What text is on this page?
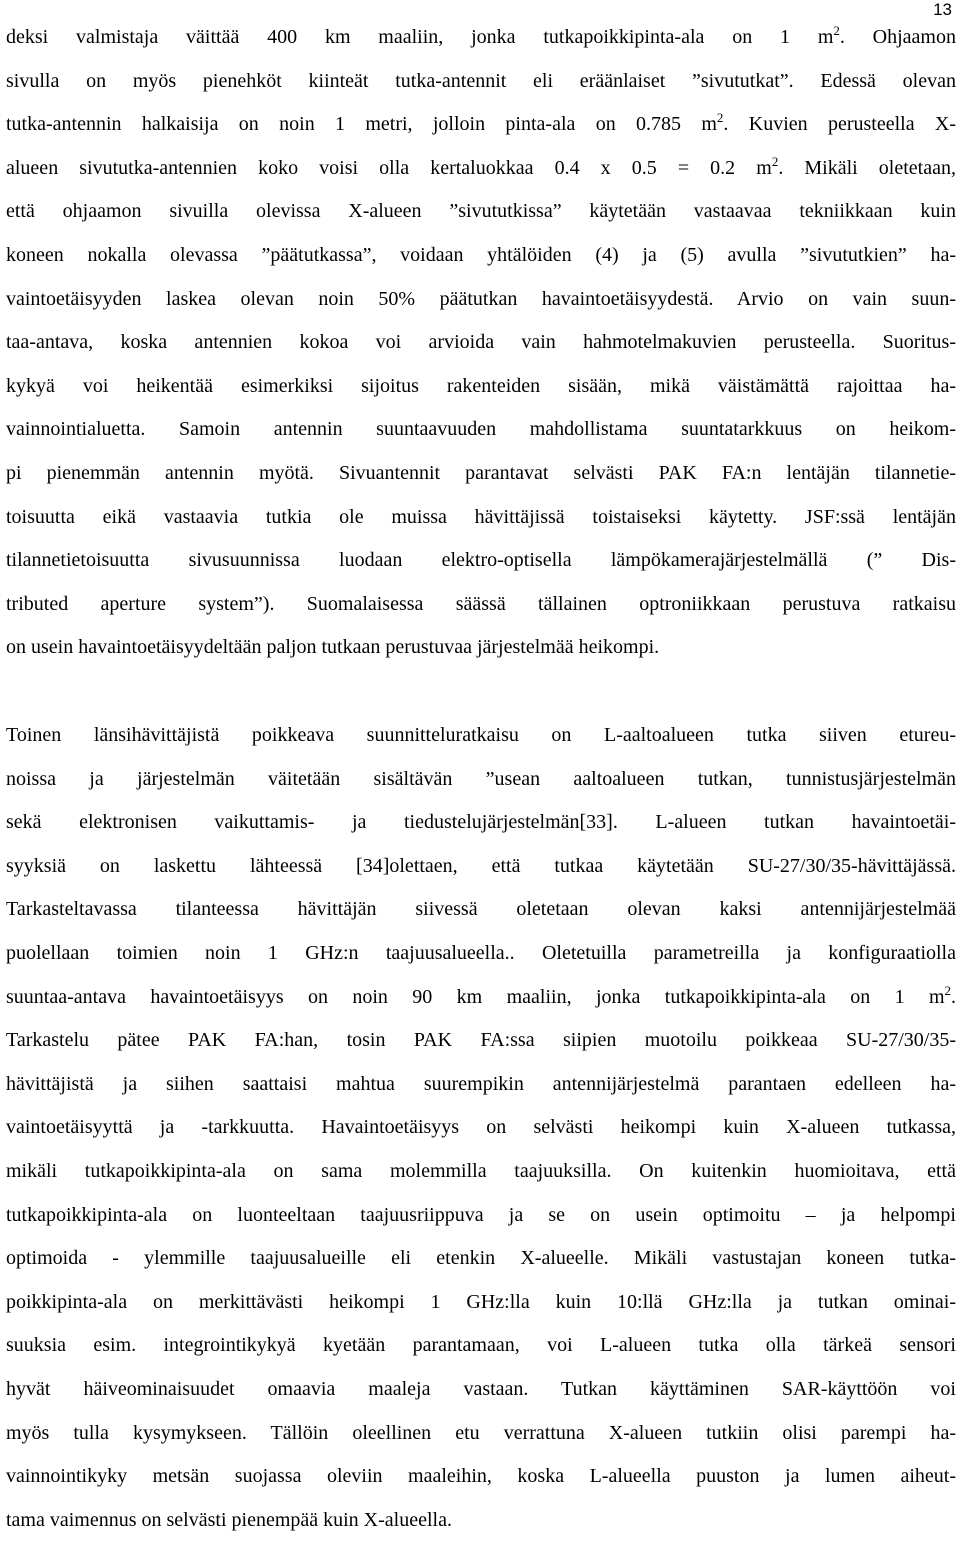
13
deksi valmistaja väittää 400 km maaliin, jonka tutkapoikkipinta-ala on 1 $m^2$. Ohjaamon
sivulla on myös pienehköt kiinteät tutka-antennit eli eräänlaiset ”sivututkat”. Edessä olevan
tutka-antennin halkaisija on noin 1 metri, jolloin pinta-ala on 0.785 $m^2$. Kuvien perusteella X-
alueen sivututka-antennien koko voisi olla kertaluokkaa 0.4 x 0.5 = 0.2 $m^2$. Mikäli oletetaan,
että ohjaamon sivuilla olevissa X-alueen ”sivututkissa” käytetään vastaavaa tekniikkaan kuin
koneen nokalla olevassa ”päätutkassa”, voidaan yhtälöiden (4) ja (5) avulla ”sivututkien” ha-
vaintoetäisyyden laskea olevan noin 50% päätutkan havaintoetäisyydestä. Arvio on vain suun-
taa-antava, koska antennien kokoa voi arvioida vain hahmotelmakuvien perusteella. Suoritus-
kykyä voi heikentää esimerkiksi sijoitus rakenteiden sisään, mikä väistämättä rajoittaa ha-
vainnointialuetta. Samoin antennin suuntaavuuden mahdollistama suuntatarkkuus on heikom-
pi pienemmän antennin myötä. Sivuantennit parantavat selvästi PAK FA:n lentäjän tilannetie-
toisuutta eikä vastaavia tutkia ole muissa hävittäjissä toistaiseksi käytetty. JSF:ssä lentäjän
tilannetietoisuutta sivusuunnissa luodaan elektro-optisella lämpökamerajärjestelmällä (” Dis-
tributed aperture system”). Suomalaisessa säässä tällainen optroniikkaan perustuva ratkaisu
on usein havaintoetäisyydeltään paljon tutkaan perustuvaa järjestelmää heikompi.
Toinen länsihävittäjistä poikkeava suunnitteluratkaisu on L-aaltoalueen tutka siiven etureu-
noissa ja järjestelmän väitetään sisältävän ”usean aaltoalueen tutkan, tunnistusjärjestelmän
sekä elektronisen vaikuttamis- ja tiedustelujärjestelmän[33]. L-alueen tutkan havaintoetäi-
syyksiä on laskettu lähteessä [34]olettaen, että tutkaa käytetään SU-27/30/35-hävittäjässä.
Tarkasteltavassa tilanteessa hävittäjän siivessä oletetaan olevan kaksi antennijärjestelmää
puolellaan toimien noin 1 GHz:n taajuusalueella.. Oletetuilla parametreilla ja konfiguraatiolla
suuntaa-antava havaintoetäisyys on noin 90 km maaliin, jonka tutkapoikkipinta-ala on 1 $m^2$.
Tarkastelu pätee PAK FA:han, tosin PAK FA:ssa siipien muotoilu poikkeaa SU-27/30/35-
hävittäjistä ja siihen saattaisi mahtua suurempikin antennijärjestelmä parantaen edelleen ha-
vaintoetäisyyttä ja -tarkkuutta. Havaintoetäisyys on selvästi heikompi kuin X-alueen tutkassa,
mikäli tutkapoikkipinta-ala on sama molemmilla taajuuksilla. On kuitenkin huomioitava, että
tutkapoikkipinta-ala on luonteeltaan taajuusriippuva ja se on usein optimoitu – ja helpompi
optimoida - ylemmille taajuusalueille eli etenkin X-alueelle. Mikäli vastustajan koneen tutka-
poikkipinta-ala on merkittävästi heikompi 1 GHz:lla kuin 10:llä GHz:lla ja tutkan ominai-
suuksia esim. integrointikykyä kyetään parantamaan, voi L-alueen tutka olla tärkeä sensori
hyvät häiveominaisuudet omaavia maaleja vastaan. Tutkan käyttäminen SAR-käyttöön voi
myös tulla kysymykseen. Tällöin oleellinen etu verrattuna X-alueen tutkiin olisi parempi ha-
vainnointikyky metsän suojassa oleviin maaleihin, koska L-alueella puuston ja lumen aiheut-
tama vaimennus on selvästi pienempää kuin X-alueella.
